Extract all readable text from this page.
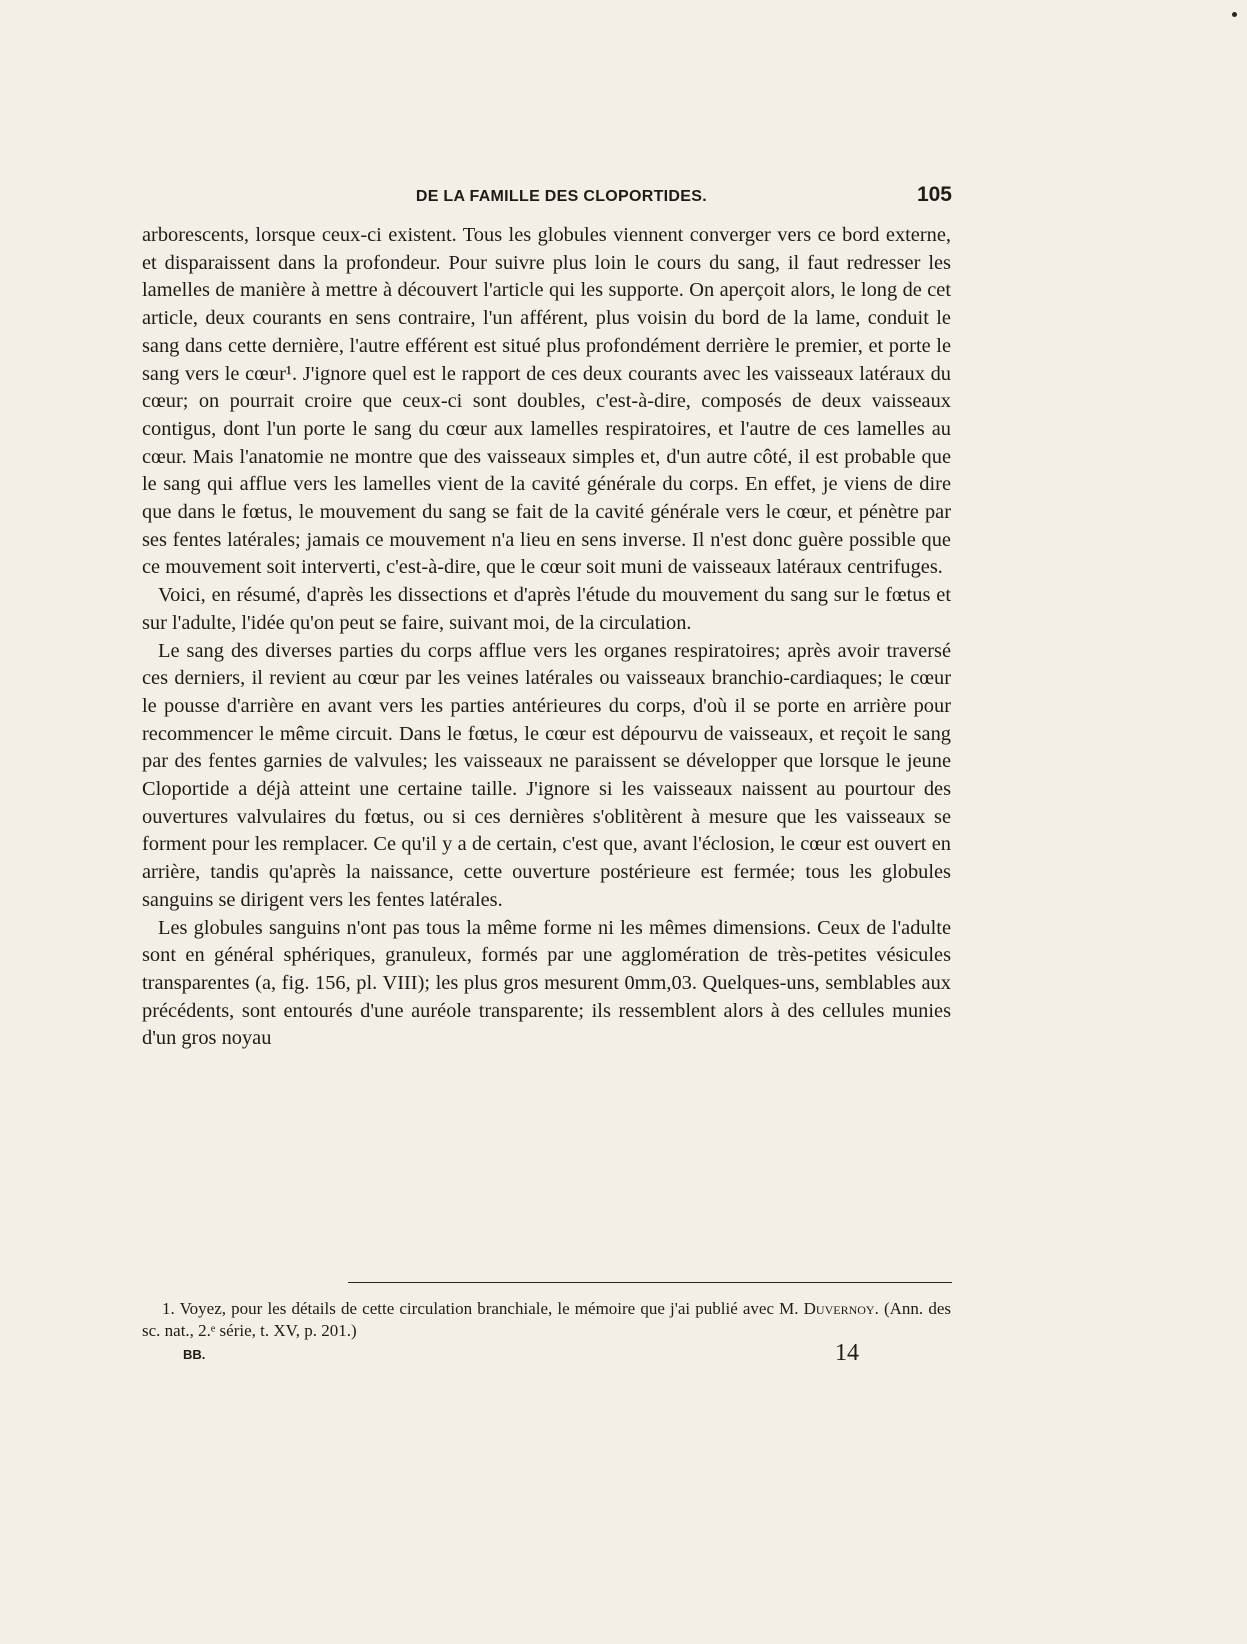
DE LA FAMILLE DES CLOPORTIDES.	105

arborescents, lorsque ceux-ci existent. Tous les globules viennent converger vers ce bord externe, et disparaissent dans la profondeur. Pour suivre plus loin le cours du sang, il faut redresser les lamelles de manière à mettre à découvert l'article qui les supporte. On aperçoit alors, le long de cet article, deux courants en sens contraire, l'un afférent, plus voisin du bord de la lame, conduit le sang dans cette dernière, l'autre efférent est situé plus profondément derrière le premier, et porte le sang vers le cœur¹. J'ignore quel est le rapport de ces deux courants avec les vaisseaux latéraux du cœur; on pourrait croire que ceux-ci sont doubles, c'est-à-dire, composés de deux vaisseaux contigus, dont l'un porte le sang du cœur aux lamelles respiratoires, et l'autre de ces lamelles au cœur. Mais l'anatomie ne montre que des vaisseaux simples et, d'un autre côté, il est probable que le sang qui afflue vers les lamelles vient de la cavité générale du corps. En effet, je viens de dire que dans le fœtus, le mouvement du sang se fait de la cavité générale vers le cœur, et pénètre par ses fentes latérales; jamais ce mouvement n'a lieu en sens inverse. Il n'est donc guère possible que ce mouvement soit interverti, c'est-à-dire, que le cœur soit muni de vaisseaux latéraux centrifuges.

Voici, en résumé, d'après les dissections et d'après l'étude du mouvement du sang sur le fœtus et sur l'adulte, l'idée qu'on peut se faire, suivant moi, de la circulation.

Le sang des diverses parties du corps afflue vers les organes respiratoires; après avoir traversé ces derniers, il revient au cœur par les veines latérales ou vaisseaux branchio-cardiaques; le cœur le pousse d'arrière en avant vers les parties antérieures du corps, d'où il se porte en arrière pour recommencer le même circuit. Dans le fœtus, le cœur est dépourvu de vaisseaux, et reçoit le sang par des fentes garnies de valvules; les vaisseaux ne paraissent se développer que lorsque le jeune Cloportide a déjà atteint une certaine taille. J'ignore si les vaisseaux naissent au pourtour des ouvertures valvulaires du fœtus, ou si ces dernières s'oblitèrent à mesure que les vaisseaux se forment pour les remplacer. Ce qu'il y a de certain, c'est que, avant l'éclosion, le cœur est ouvert en arrière, tandis qu'après la naissance, cette ouverture postérieure est fermée; tous les globules sanguins se dirigent vers les fentes latérales.

Les globules sanguins n'ont pas tous la même forme ni les mêmes dimensions. Ceux de l'adulte sont en général sphériques, granuleux, formés par une agglomération de très-petites vésicules transparentes (a, fig. 156, pl. VIII); les plus gros mesurent 0mm,03. Quelques-uns, semblables aux précédents, sont entourés d'une auréole transparente; ils ressemblent alors à des cellules munies d'un gros noyau

1. Voyez, pour les détails de cette circulation branchiale, le mémoire que j'ai publié avec M. Duvernoy. (Ann. des sc. nat., 2.ᵉ série, t. XV, p. 201.)

BB.	14
